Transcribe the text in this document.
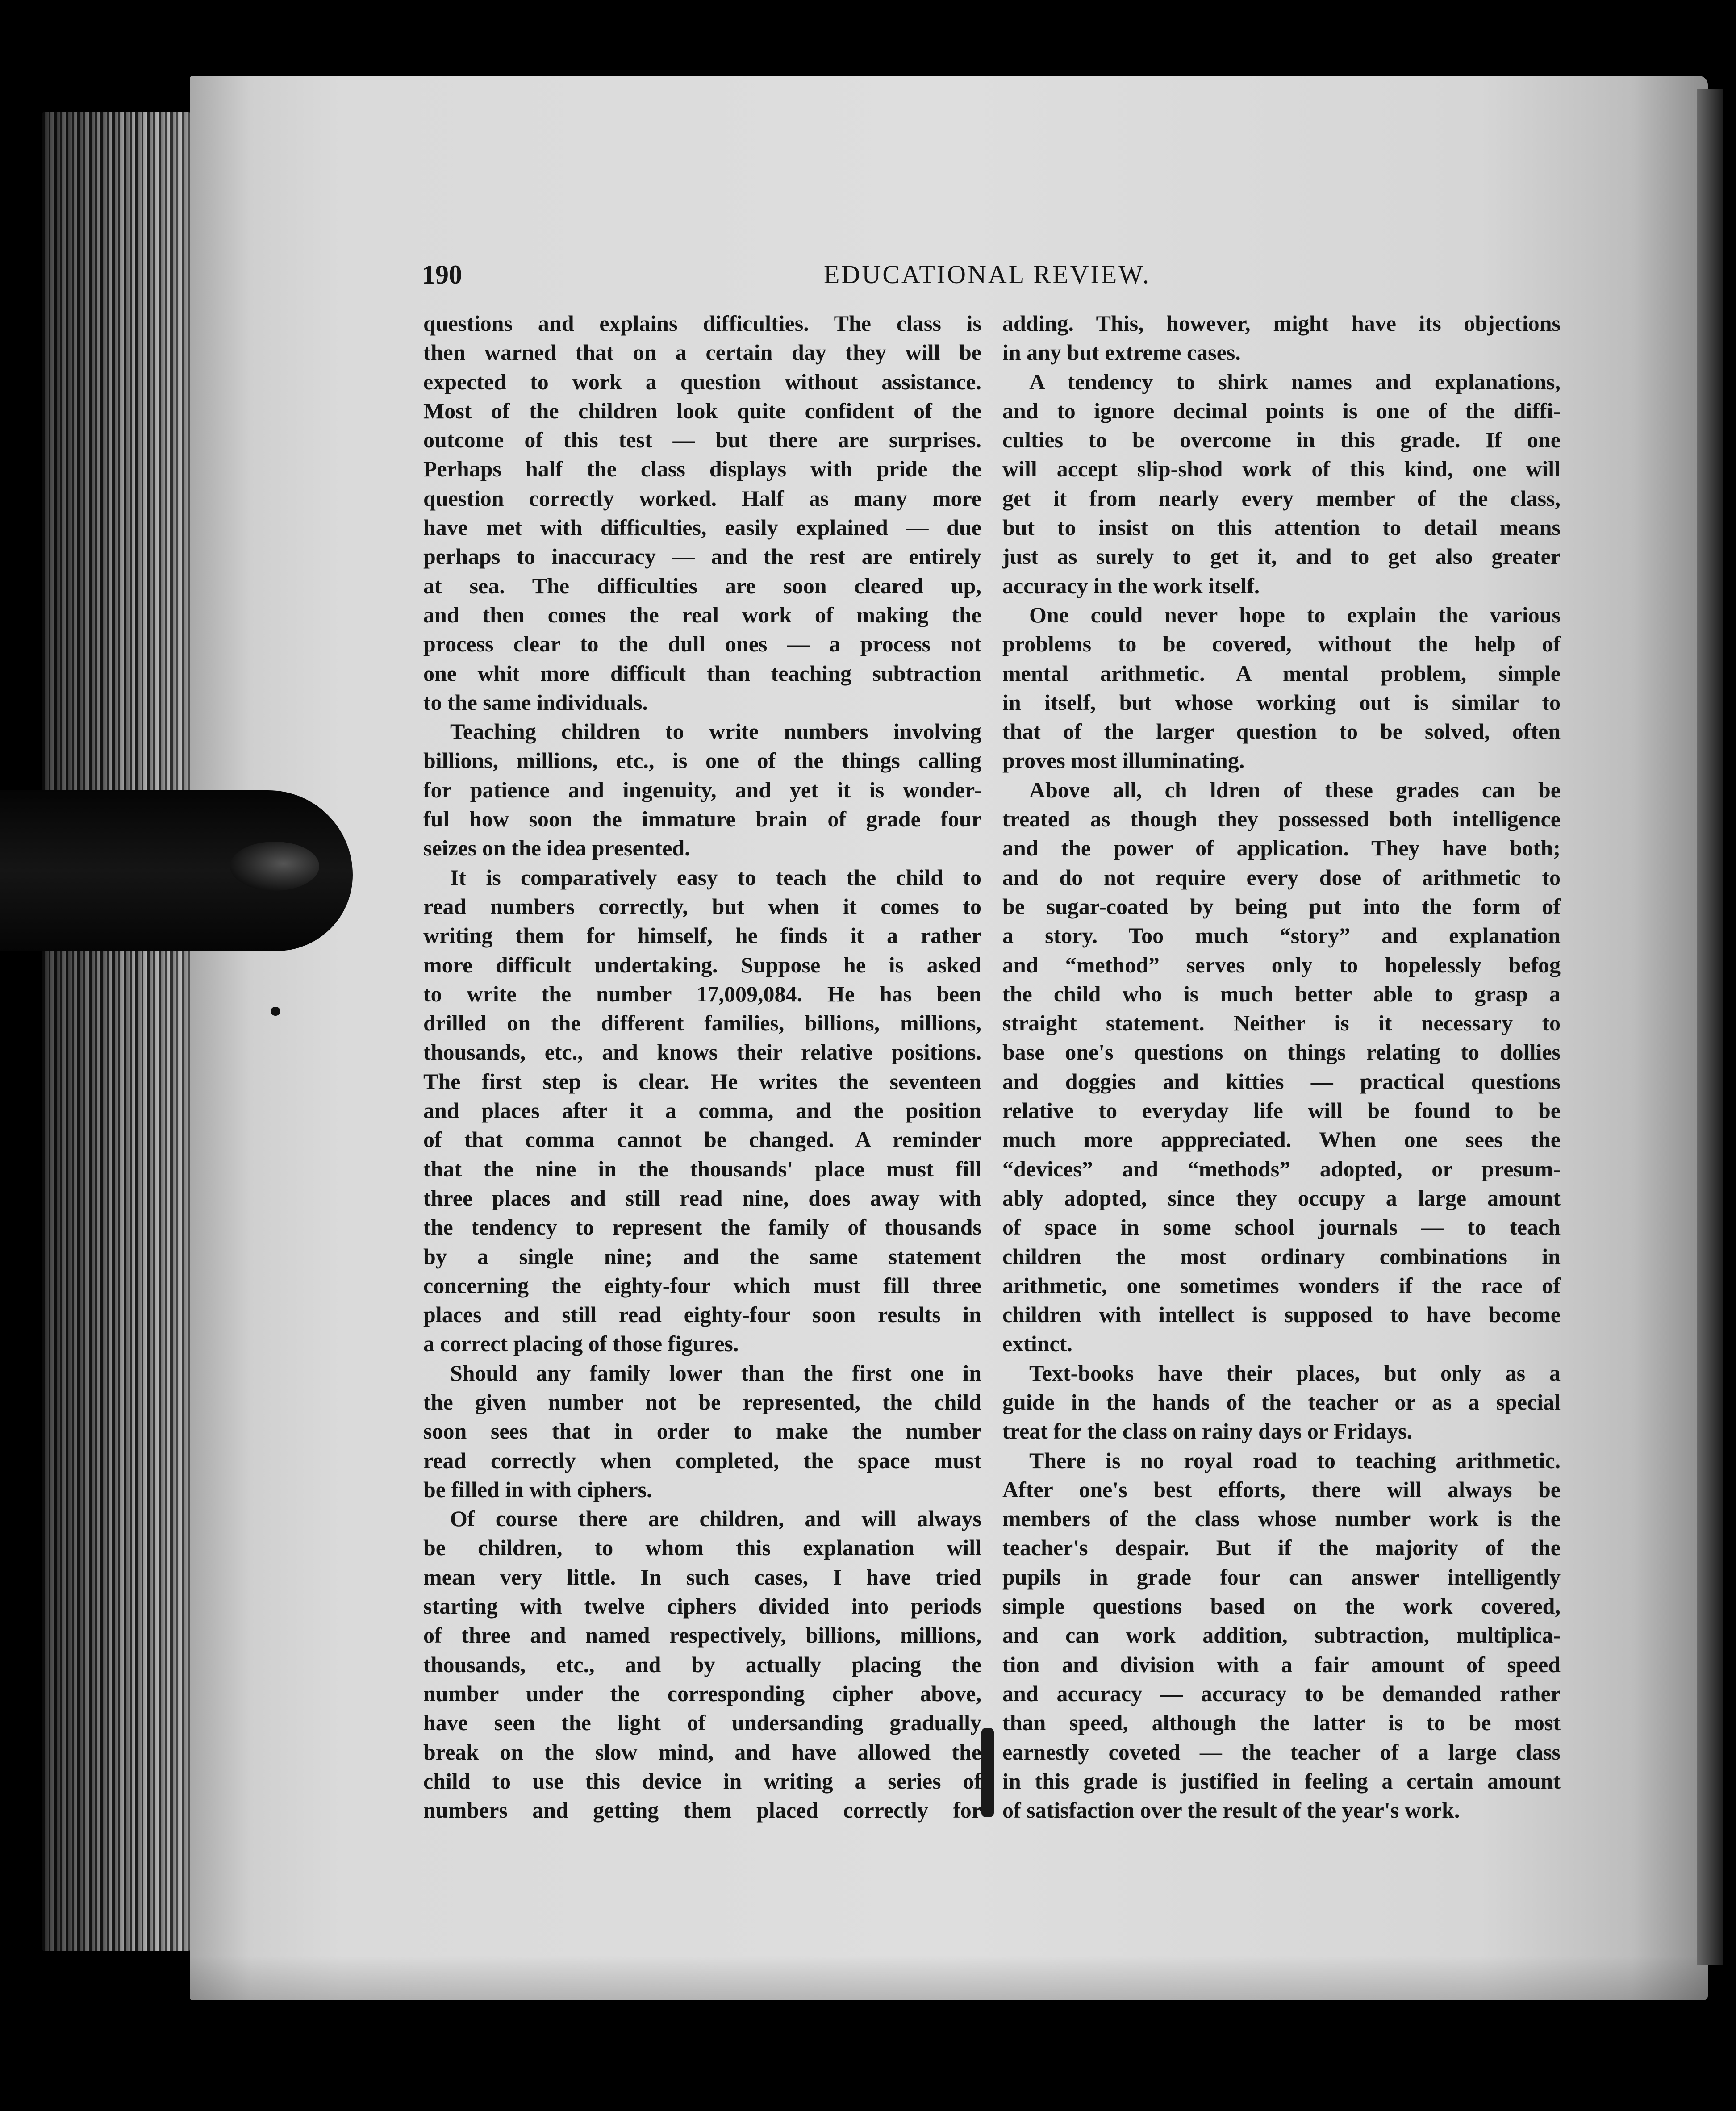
190	EDUCATIONAL REVIEW.
questions and explains difficulties. The class is
then warned that on a certain day they will be
expected to work a question without assistance.
Most of the children look quite confident of the
outcome of this test — but there are surprises.
Perhaps half the class displays with pride the
question correctly worked. Half as many more
have met with difficulties, easily explained — due
perhaps to inaccuracy — and the rest are entirely
at sea. The difficulties are soon cleared up,
and then comes the real work of making the
process clear to the dull ones — a process not
one whit more difficult than teaching subtraction
to the same individuals.
Teaching children to write numbers involving
billions, millions, etc., is one of the things calling
for patience and ingenuity, and yet it is wonder-
ful how soon the immature brain of grade four
seizes on the idea presented.
It is comparatively easy to teach the child to
read numbers correctly, but when it comes to
writing them for himself, he finds it a rather
more difficult undertaking. Suppose he is asked
to write the number 17,009,084. He has been
drilled on the different families, billions, millions,
thousands, etc., and knows their relative positions.
The first step is clear. He writes the seventeen
and places after it a comma, and the position
of that comma cannot be changed. A reminder
that the nine in the thousands' place must fill
three places and still read nine, does away with
the tendency to represent the family of thousands
by a single nine; and the same statement
concerning the eighty-four which must fill three
places and still read eighty-four soon results in
a correct placing of those figures.
Should any family lower than the first one in
the given number not be represented, the child
soon sees that in order to make the number
read correctly when completed, the space must
be filled in with ciphers.
Of course there are children, and will always
be children, to whom this explanation will
mean very little. In such cases, I have tried
starting with twelve ciphers divided into periods
of three and named respectively, billions, millions,
thousands, etc., and by actually placing the
number under the corresponding cipher above,
have seen the light of undersanding gradually
break on the slow mind, and have allowed the
child to use this device in writing a series of
numbers and getting them placed correctly for
adding. This, however, might have its objections
in any but extreme cases.
A tendency to shirk names and explanations,
and to ignore decimal points is one of the diffi-
culties to be overcome in this grade. If one
will accept slip-shod work of this kind, one will
get it from nearly every member of the class,
but to insist on this attention to detail means
just as surely to get it, and to get also greater
accuracy in the work itself.
One could never hope to explain the various
problems to be covered, without the help of
mental arithmetic. A mental problem, simple
in itself, but whose working out is similar to
that of the larger question to be solved, often
proves most illuminating.
Above all, ch ldren of these grades can be
treated as though they possessed both intelligence
and the power of application. They have both;
and do not require every dose of arithmetic to
be sugar-coated by being put into the form of
a story. Too much “story” and explanation
and “method” serves only to hopelessly befog
the child who is much better able to grasp a
straight statement. Neither is it necessary to
base one's questions on things relating to dollies
and doggies and kitties — practical questions
relative to everyday life will be found to be
much more apppreciated. When one sees the
“devices” and “methods” adopted, or presum-
ably adopted, since they occupy a large amount
of space in some school journals — to teach
children the most ordinary combinations in
arithmetic, one sometimes wonders if the race of
children with intellect is supposed to have become
extinct.
Text-books have their places, but only as a
guide in the hands of the teacher or as a special
treat for the class on rainy days or Fridays.
There is no royal road to teaching arithmetic.
After one's best efforts, there will always be
members of the class whose number work is the
teacher's despair. But if the majority of the
pupils in grade four can answer intelligently
simple questions based on the work covered,
and can work addition, subtraction, multiplica-
tion and division with a fair amount of speed
and accuracy — accuracy to be demanded rather
than speed, although the latter is to be most
earnestly coveted — the teacher of a large class
in this grade is justified in feeling a certain amount
of satisfaction over the result of the year's work.
